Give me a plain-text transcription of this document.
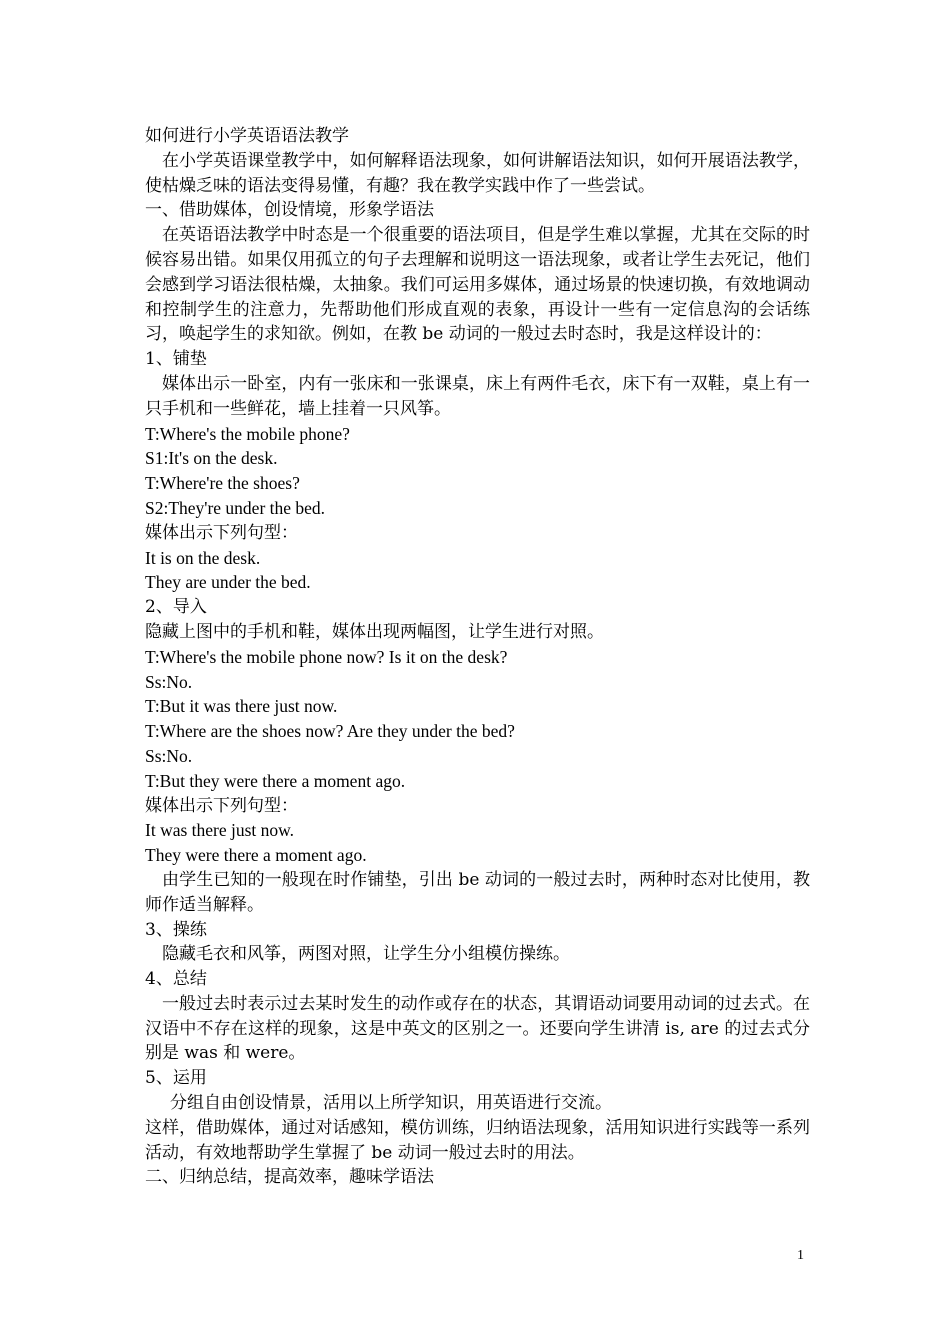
如何进行小学英语语法教学

在小学英语课堂教学中，如何解释语法现象，如何讲解语法知识，如何开展语法教学，使枯燥乏味的语法变得易懂，有趣？我在教学实践中作了一些尝试。

一、借助媒体，创设情境，形象学语法

在英语语法教学中时态是一个很重要的语法项目，但是学生难以掌握，尤其在交际的时候容易出错。如果仅用孤立的句子去理解和说明这一语法现象，或者让学生去死记，他们会感到学习语法很枯燥，太抽象。我们可运用多媒体，通过场景的快速切换，有效地调动和控制学生的注意力，先帮助他们形成直观的表象，再设计一些有一定信息沟的会话练习，唤起学生的求知欲。例如，在教 be 动词的一般过去时态时，我是这样设计的：

1、铺垫

媒体出示一卧室，内有一张床和一张课桌，床上有两件毛衣，床下有一双鞋，桌上有一只手机和一些鲜花，墙上挂着一只风筝。

T:Where's the mobile phone?

S1:It's on the desk.

T:Where're the shoes?

S2:They're under the bed.

媒体出示下列句型：

It is on the desk.

They are under the bed.

2、导入

隐藏上图中的手机和鞋，媒体出现两幅图，让学生进行对照。

T:Where's the mobile phone now? Is it on the desk?

Ss:No.

T:But it was there just now.

T:Where are the shoes now? Are they under the bed?

Ss:No.

T:But they were there a moment ago.

媒体出示下列句型：

It was there just now.

They were there a moment ago.

由学生已知的一般现在时作铺垫，引出 be 动词的一般过去时，两种时态对比使用，教师作适当解释。

3、操练

隐藏毛衣和风筝，两图对照，让学生分小组模仿操练。

4、总结

一般过去时表示过去某时发生的动作或存在的状态，其谓语动词要用动词的过去式。在汉语中不存在这样的现象，这是中英文的区别之一。还要向学生讲清 is, are 的过去式分别是 was 和 were。

5、运用

分组自由创设情景，活用以上所学知识，用英语进行交流。

这样，借助媒体，通过对话感知，模仿训练，归纳语法现象，活用知识进行实践等一系列活动，有效地帮助学生掌握了 be 动词一般过去时的用法。

二、归纳总结，提高效率，趣味学语法

1
